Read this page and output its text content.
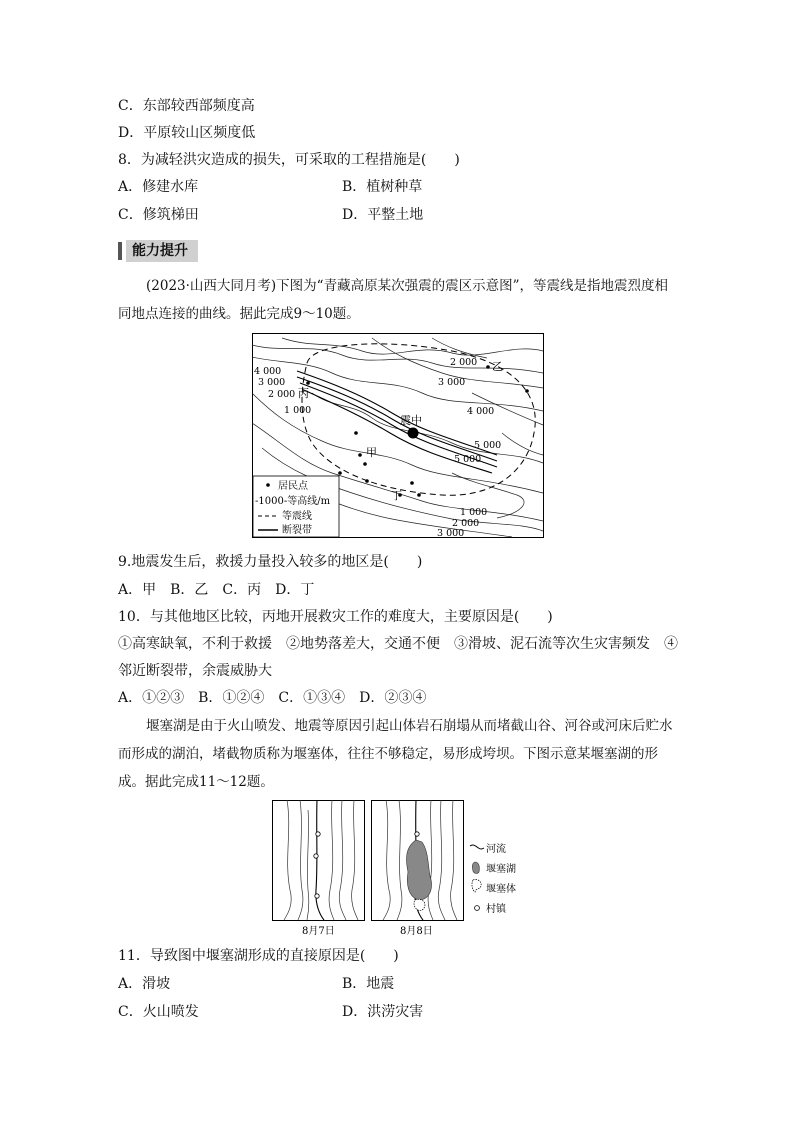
C．东部较西部频度高
D．平原较山区频度低
8．为减轻洪灾造成的损失，可采取的工程措施是(　　)
A．修建水库	B．植树种草
C．修筑梯田	D．平整土地
能力提升
(2023·山西大同月考)下图为“青藏高原某次强震的震区示意图”，等震线是指地震烈度相同地点连接的曲线。据此完成9～10题。
震中
甲
乙
丙
丁
4 000
3 000
2 000
1 000	4 000
5 000
5 000
1 000
2 000
3 000
2 000
3 000
居民点
-1000-等高线/m
等震线
断裂带
9.地震发生后，救援力量投入较多的地区是(　　)
A．甲　B．乙　C．丙　D．丁
10．与其他地区比较，丙地开展救灾工作的难度大，主要原因是(　　)
①高寒缺氧，不利于救援　②地势落差大，交通不便　③滑坡、泥石流等次生灾害频发　④
邻近断裂带，余震威胁大
A．①②③　B．①②④　C．①③④　D．②③④
堰塞湖是由于火山喷发、地震等原因引起山体岩石崩塌从而堵截山谷、河谷或河床后贮水而形成的湖泊，堵截物质称为堰塞体，往往不够稳定，易形成垮坝。下图示意某堰塞湖的形成。据此完成11～12题。
8月7日	8月8日
河流
堰塞湖
堰塞体
村镇
11．导致图中堰塞湖形成的直接原因是(　　)
A．滑坡	B．地震
C．火山喷发	D．洪涝灾害
